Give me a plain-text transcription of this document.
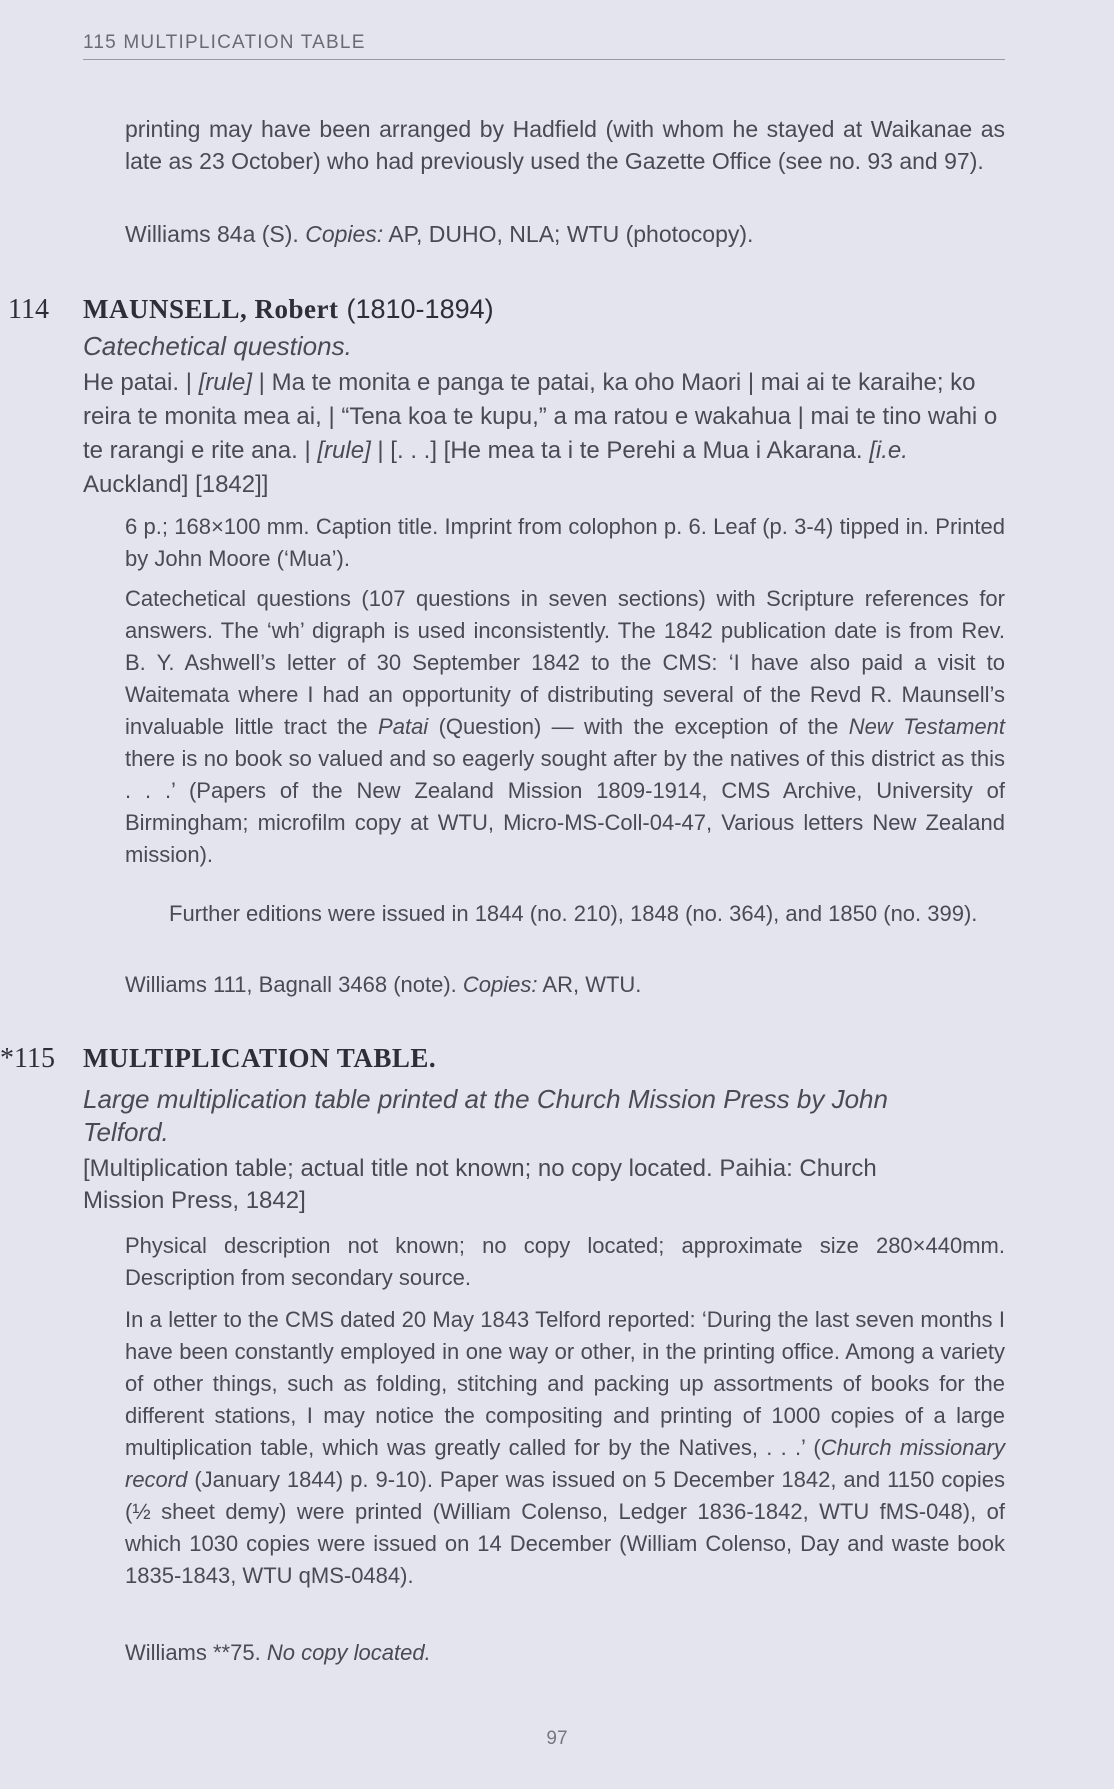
115 MULTIPLICATION TABLE

printing may have been arranged by Hadfield (with whom he stayed at Waikanae as late as 23 October) who had previously used the Gazette Office (see no. 93 and 97).

Williams 84a (S). Copies: AP, DUHO, NLA; WTU (photocopy).

114 MAUNSELL, Robert (1810-1894)
Catechetical questions.

He patai. | [rule] | Ma te monita e panga te patai, ka oho Maori | mai ai te karaihe; ko reira te monita mea ai, | “Tena koa te kupu,” a ma ratou e wakahua | mai te tino wahi o te rarangi e rite ana. | [rule] | [. . .] [He mea ta i te Perehi a Mua i Akarana. [i.e. Auckland] [1842]]

6 p.; 168×100 mm. Caption title. Imprint from colophon p. 6. Leaf (p. 3-4) tipped in. Printed by John Moore (‘Mua’).

Catechetical questions (107 questions in seven sections) with Scripture references for answers. The ‘wh’ digraph is used inconsistently. The 1842 publication date is from Rev. B. Y. Ashwell’s letter of 30 September 1842 to the CMS: ‘I have also paid a visit to Waitemata where I had an opportunity of distributing several of the Revd R. Maunsell’s invaluable little tract the Patai (Question) — with the exception of the New Testament there is no book so valued and so eagerly sought after by the natives of this district as this . . .’ (Papers of the New Zealand Mission 1809-1914, CMS Archive, University of Birmingham; microfilm copy at WTU, Micro-MS-Coll-04-47, Various letters New Zealand mission).

Further editions were issued in 1844 (no. 210), 1848 (no. 364), and 1850 (no. 399).

Williams 111, Bagnall 3468 (note). Copies: AR, WTU.

*115 MULTIPLICATION TABLE.
Large multiplication table printed at the Church Mission Press by John Telford.

[Multiplication table; actual title not known; no copy located. Paihia: Church Mission Press, 1842]

Physical description not known; no copy located; approximate size 280×440mm. Description from secondary source.

In a letter to the CMS dated 20 May 1843 Telford reported: ‘During the last seven months I have been constantly employed in one way or other, in the printing office. Among a variety of other things, such as folding, stitching and packing up assortments of books for the different stations, I may notice the compositing and printing of 1000 copies of a large multiplication table, which was greatly called for by the Natives, . . .’ (Church missionary record (January 1844) p. 9-10). Paper was issued on 5 December 1842, and 1150 copies (½ sheet demy) were printed (William Colenso, Ledger 1836-1842, WTU fMS-048), of which 1030 copies were issued on 14 December (William Colenso, Day and waste book 1835-1843, WTU qMS-0484).

Williams **75. No copy located.

97
